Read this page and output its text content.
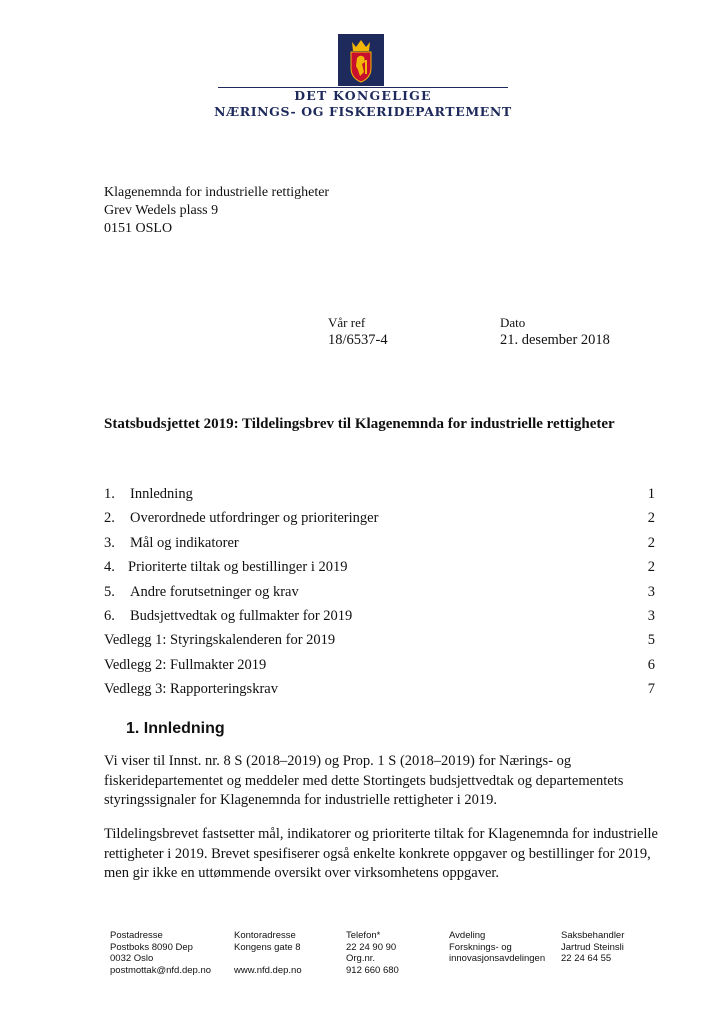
DET KONGELIGE
NÆRINGS- OG FISKERIDEPARTEMENT
Klagenemnda for industrielle rettigheter
Grev Wedels plass 9
0151 OSLO
Vår ref
18/6537-4
Dato
21. desember 2018
Statsbudsjettet 2019: Tildelingsbrev til Klagenemnda for industrielle rettigheter
1. Innledning	1
2. Overordnede utfordringer og prioriteringer	2
3. Mål og indikatorer	2
4. Prioriterte tiltak og bestillinger i 2019	2
5. Andre forutsetninger og krav	3
6. Budsjettvedtak og fullmakter for 2019	3
Vedlegg 1: Styringskalenderen for 2019	5
Vedlegg 2: Fullmakter 2019	6
Vedlegg 3: Rapporteringskrav	7
1. Innledning
Vi viser til Innst. nr. 8 S (2018–2019) og Prop. 1 S (2018–2019) for Nærings- og fiskeridepartementet og meddeler med dette Stortingets budsjettvedtak og departementets styringssignaler for Klagenemnda for industrielle rettigheter i 2019.
Tildelingsbrevet fastsetter mål, indikatorer og prioriterte tiltak for Klagenemnda for industrielle rettigheter i 2019. Brevet spesifiserer også enkelte konkrete oppgaver og bestillinger for 2019, men gir ikke en uttømmende oversikt over virksomhetens oppgaver.
Postadresse
Postboks 8090 Dep
0032 Oslo
postmottak@nfd.dep.no
Kontoradresse
Kongens gate 8

www.nfd.dep.no
Telefon*
22 24 90 90
Org.nr.
912 660 680
Avdeling
Forsknings- og
innovasjonsavdelingen
Saksbehandler
Jartrud Steinsli
22 24 64 55
